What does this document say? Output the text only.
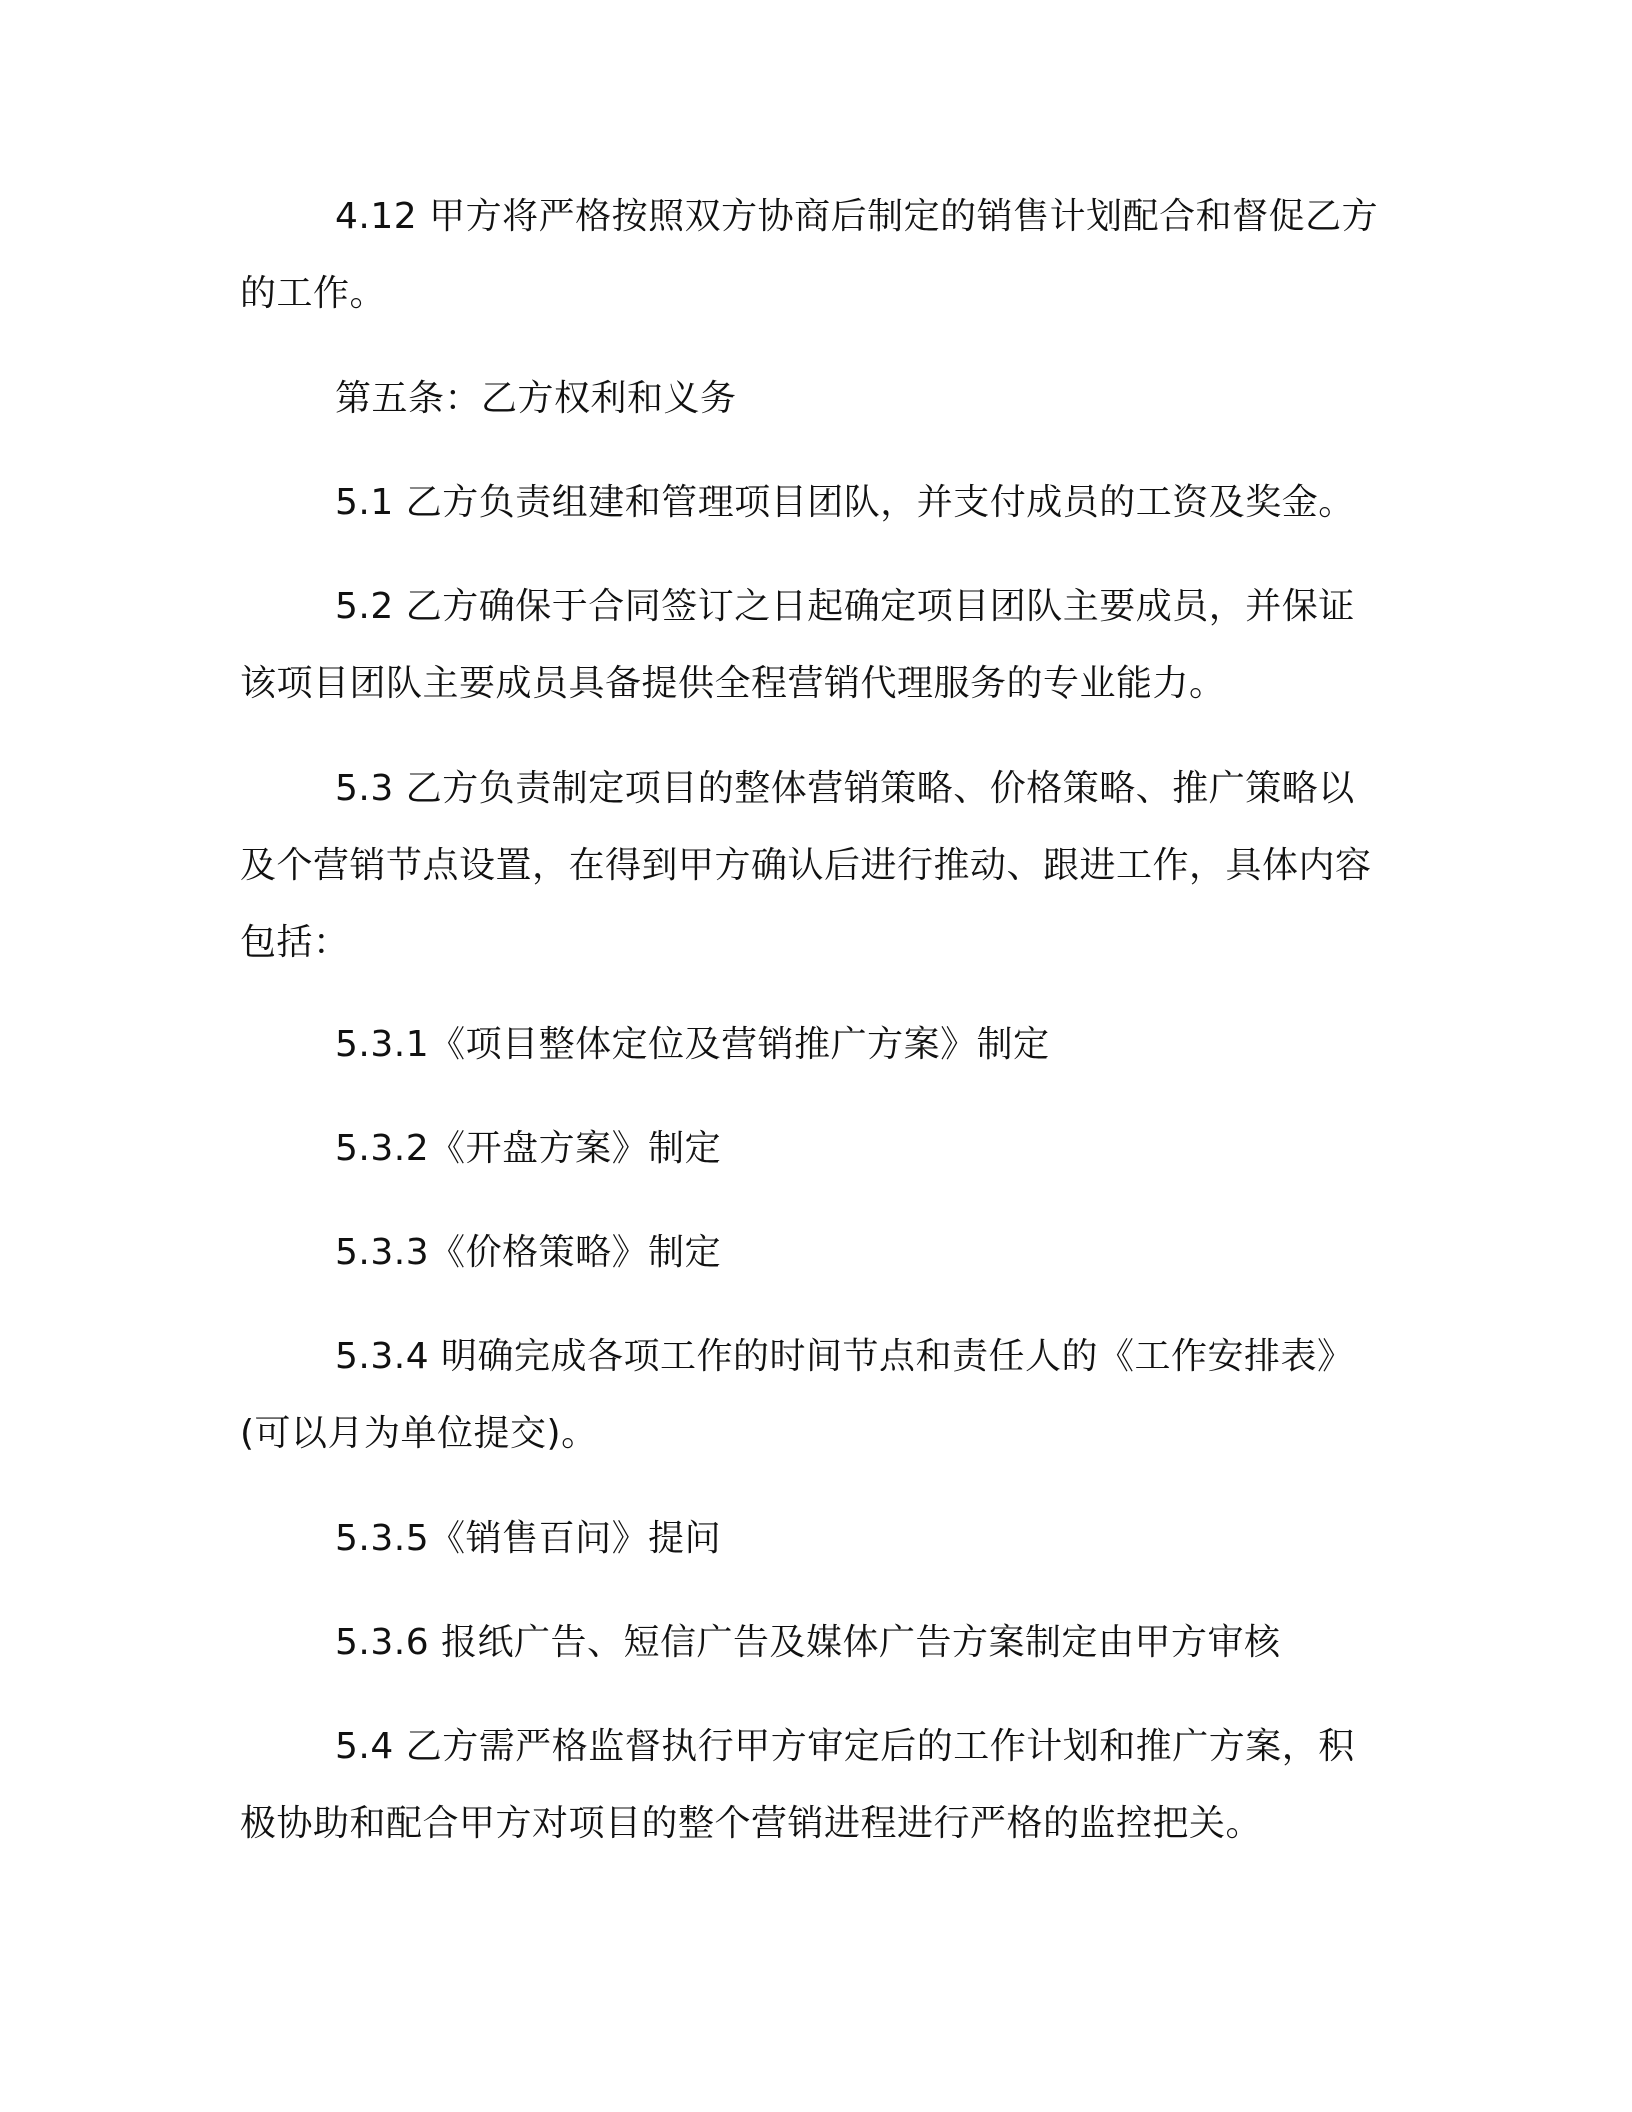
4.12 甲方将严格按照双方协商后制定的销售计划配合和督促乙方的工作。

第五条：乙方权利和义务

5.1 乙方负责组建和管理项目团队，并支付成员的工资及奖金。

5.2 乙方确保于合同签订之日起确定项目团队主要成员，并保证该项目团队主要成员具备提供全程营销代理服务的专业能力。

5.3 乙方负责制定项目的整体营销策略、价格策略、推广策略以及个营销节点设置，在得到甲方确认后进行推动、跟进工作，具体内容包括：

5.3.1《项目整体定位及营销推广方案》制定

5.3.2《开盘方案》制定

5.3.3《价格策略》制定

5.3.4 明确完成各项工作的时间节点和责任人的《工作安排表》(可以月为单位提交)。

5.3.5《销售百问》提问

5.3.6 报纸广告、短信广告及媒体广告方案制定由甲方审核

5.4 乙方需严格监督执行甲方审定后的工作计划和推广方案，积极协助和配合甲方对项目的整个营销进程进行严格的监控把关。
